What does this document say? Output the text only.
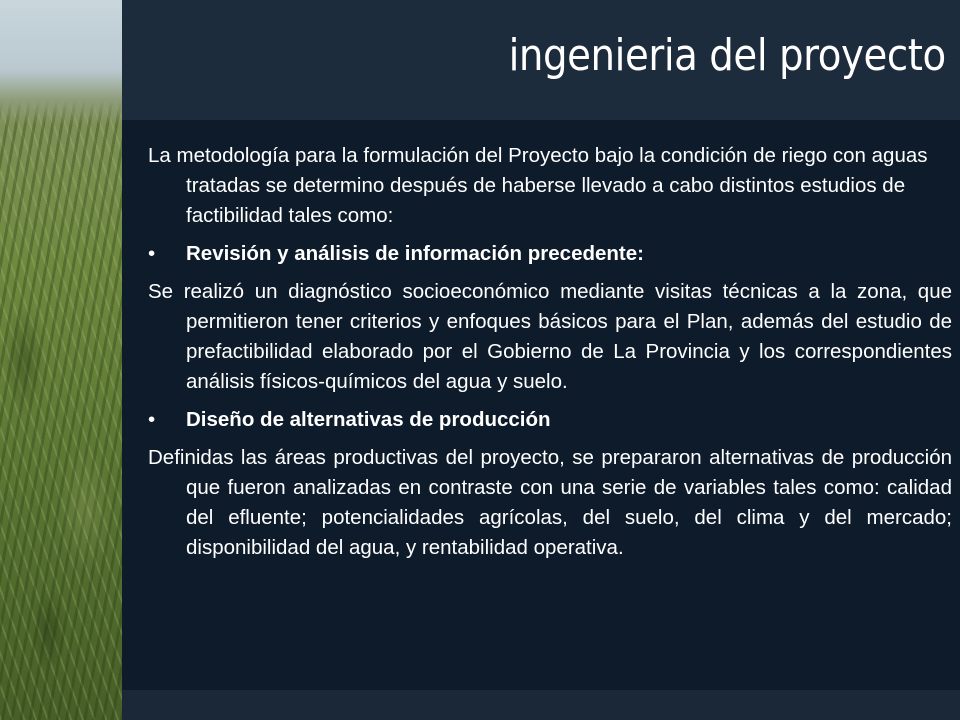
ingenieria del proyecto

La metodología para la formulación del Proyecto bajo la condición de riego con aguas tratadas se determino después de haberse llevado a cabo distintos estudios de factibilidad tales como:

• Revisión y análisis de información precedente:

Se realizó un diagnóstico socioeconómico mediante visitas técnicas a la zona, que permitieron tener criterios y enfoques básicos para el Plan, además del estudio de prefactibilidad elaborado por el Gobierno de La Provincia y los correspondientes análisis físicos-químicos del agua y suelo.

• Diseño de alternativas de producción

Definidas las áreas productivas del proyecto, se prepararon alternativas de producción que fueron analizadas en contraste con una serie de variables tales como: calidad del efluente; potencialidades agrícolas, del suelo, del clima y del mercado; disponibilidad del agua, y rentabilidad operativa.
